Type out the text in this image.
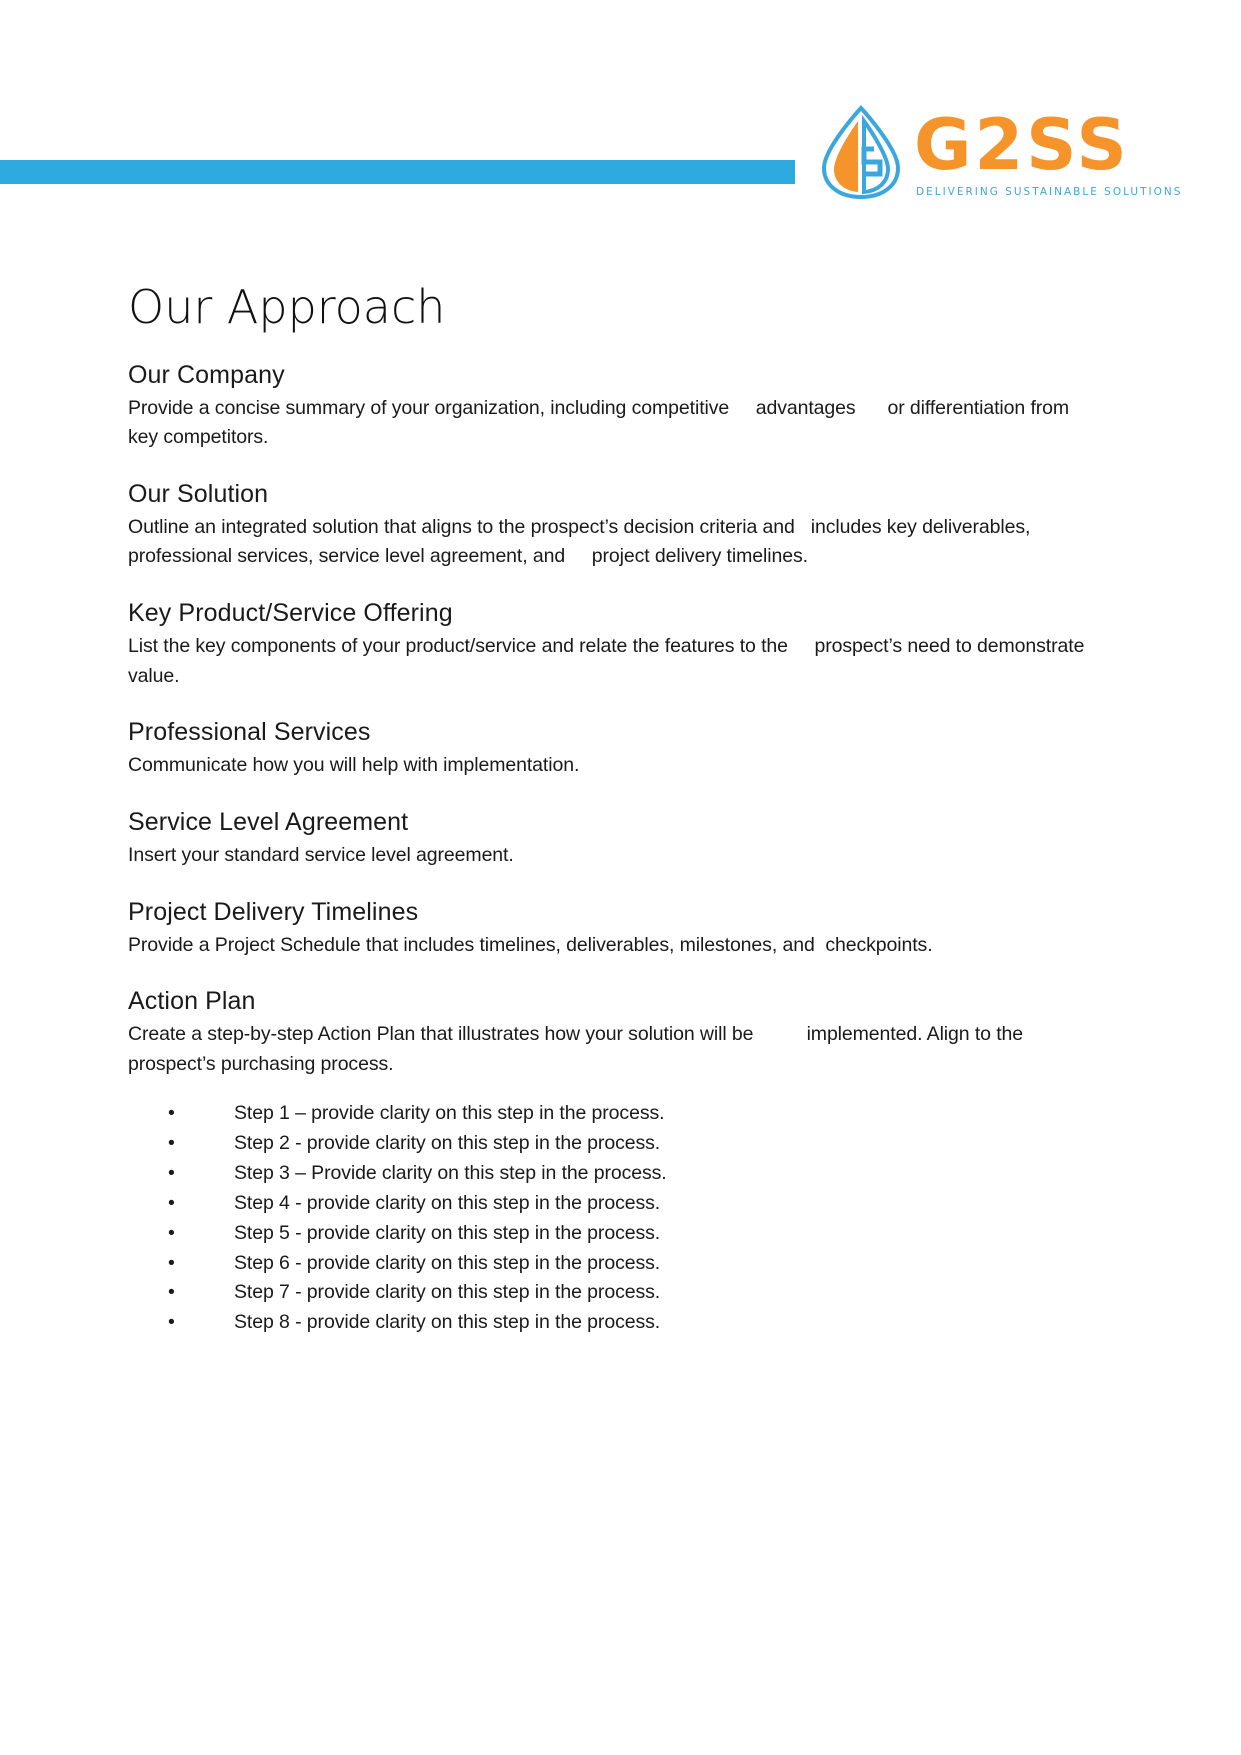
G2SS
DELIVERING SUSTAINABLE SOLUTIONS
Our Approach
Our Company

Provide a concise summary of your organization, including competitive     advantages      or differentiation from key competitors.

Our Solution

Outline an integrated solution that aligns to the prospect’s decision criteria and   includes key deliverables, professional services, service level agreement, and     project delivery timelines.

Key Product/Service Offering

List the key components of your product/service and relate the features to the     prospect’s need to demonstrate value.

Professional Services

Communicate how you will help with implementation.

Service Level Agreement

Insert your standard service level agreement.

Project Delivery Timelines

Provide a Project Schedule that includes timelines, deliverables, milestones, and  checkpoints.

Action Plan

Create a step-by-step Action Plan that illustrates how your solution will be          implemented. Align to the prospect’s purchasing process.

•	Step 1 – provide clarity on this step in the process.
•	Step 2 - provide clarity on this step in the process.
•	Step 3 – Provide clarity on this step in the process.
•	Step 4 - provide clarity on this step in the process.
•	Step 5 - provide clarity on this step in the process.
•	Step 6 - provide clarity on this step in the process.
•	Step 7 - provide clarity on this step in the process.
•	Step 8 - provide clarity on this step in the process.
